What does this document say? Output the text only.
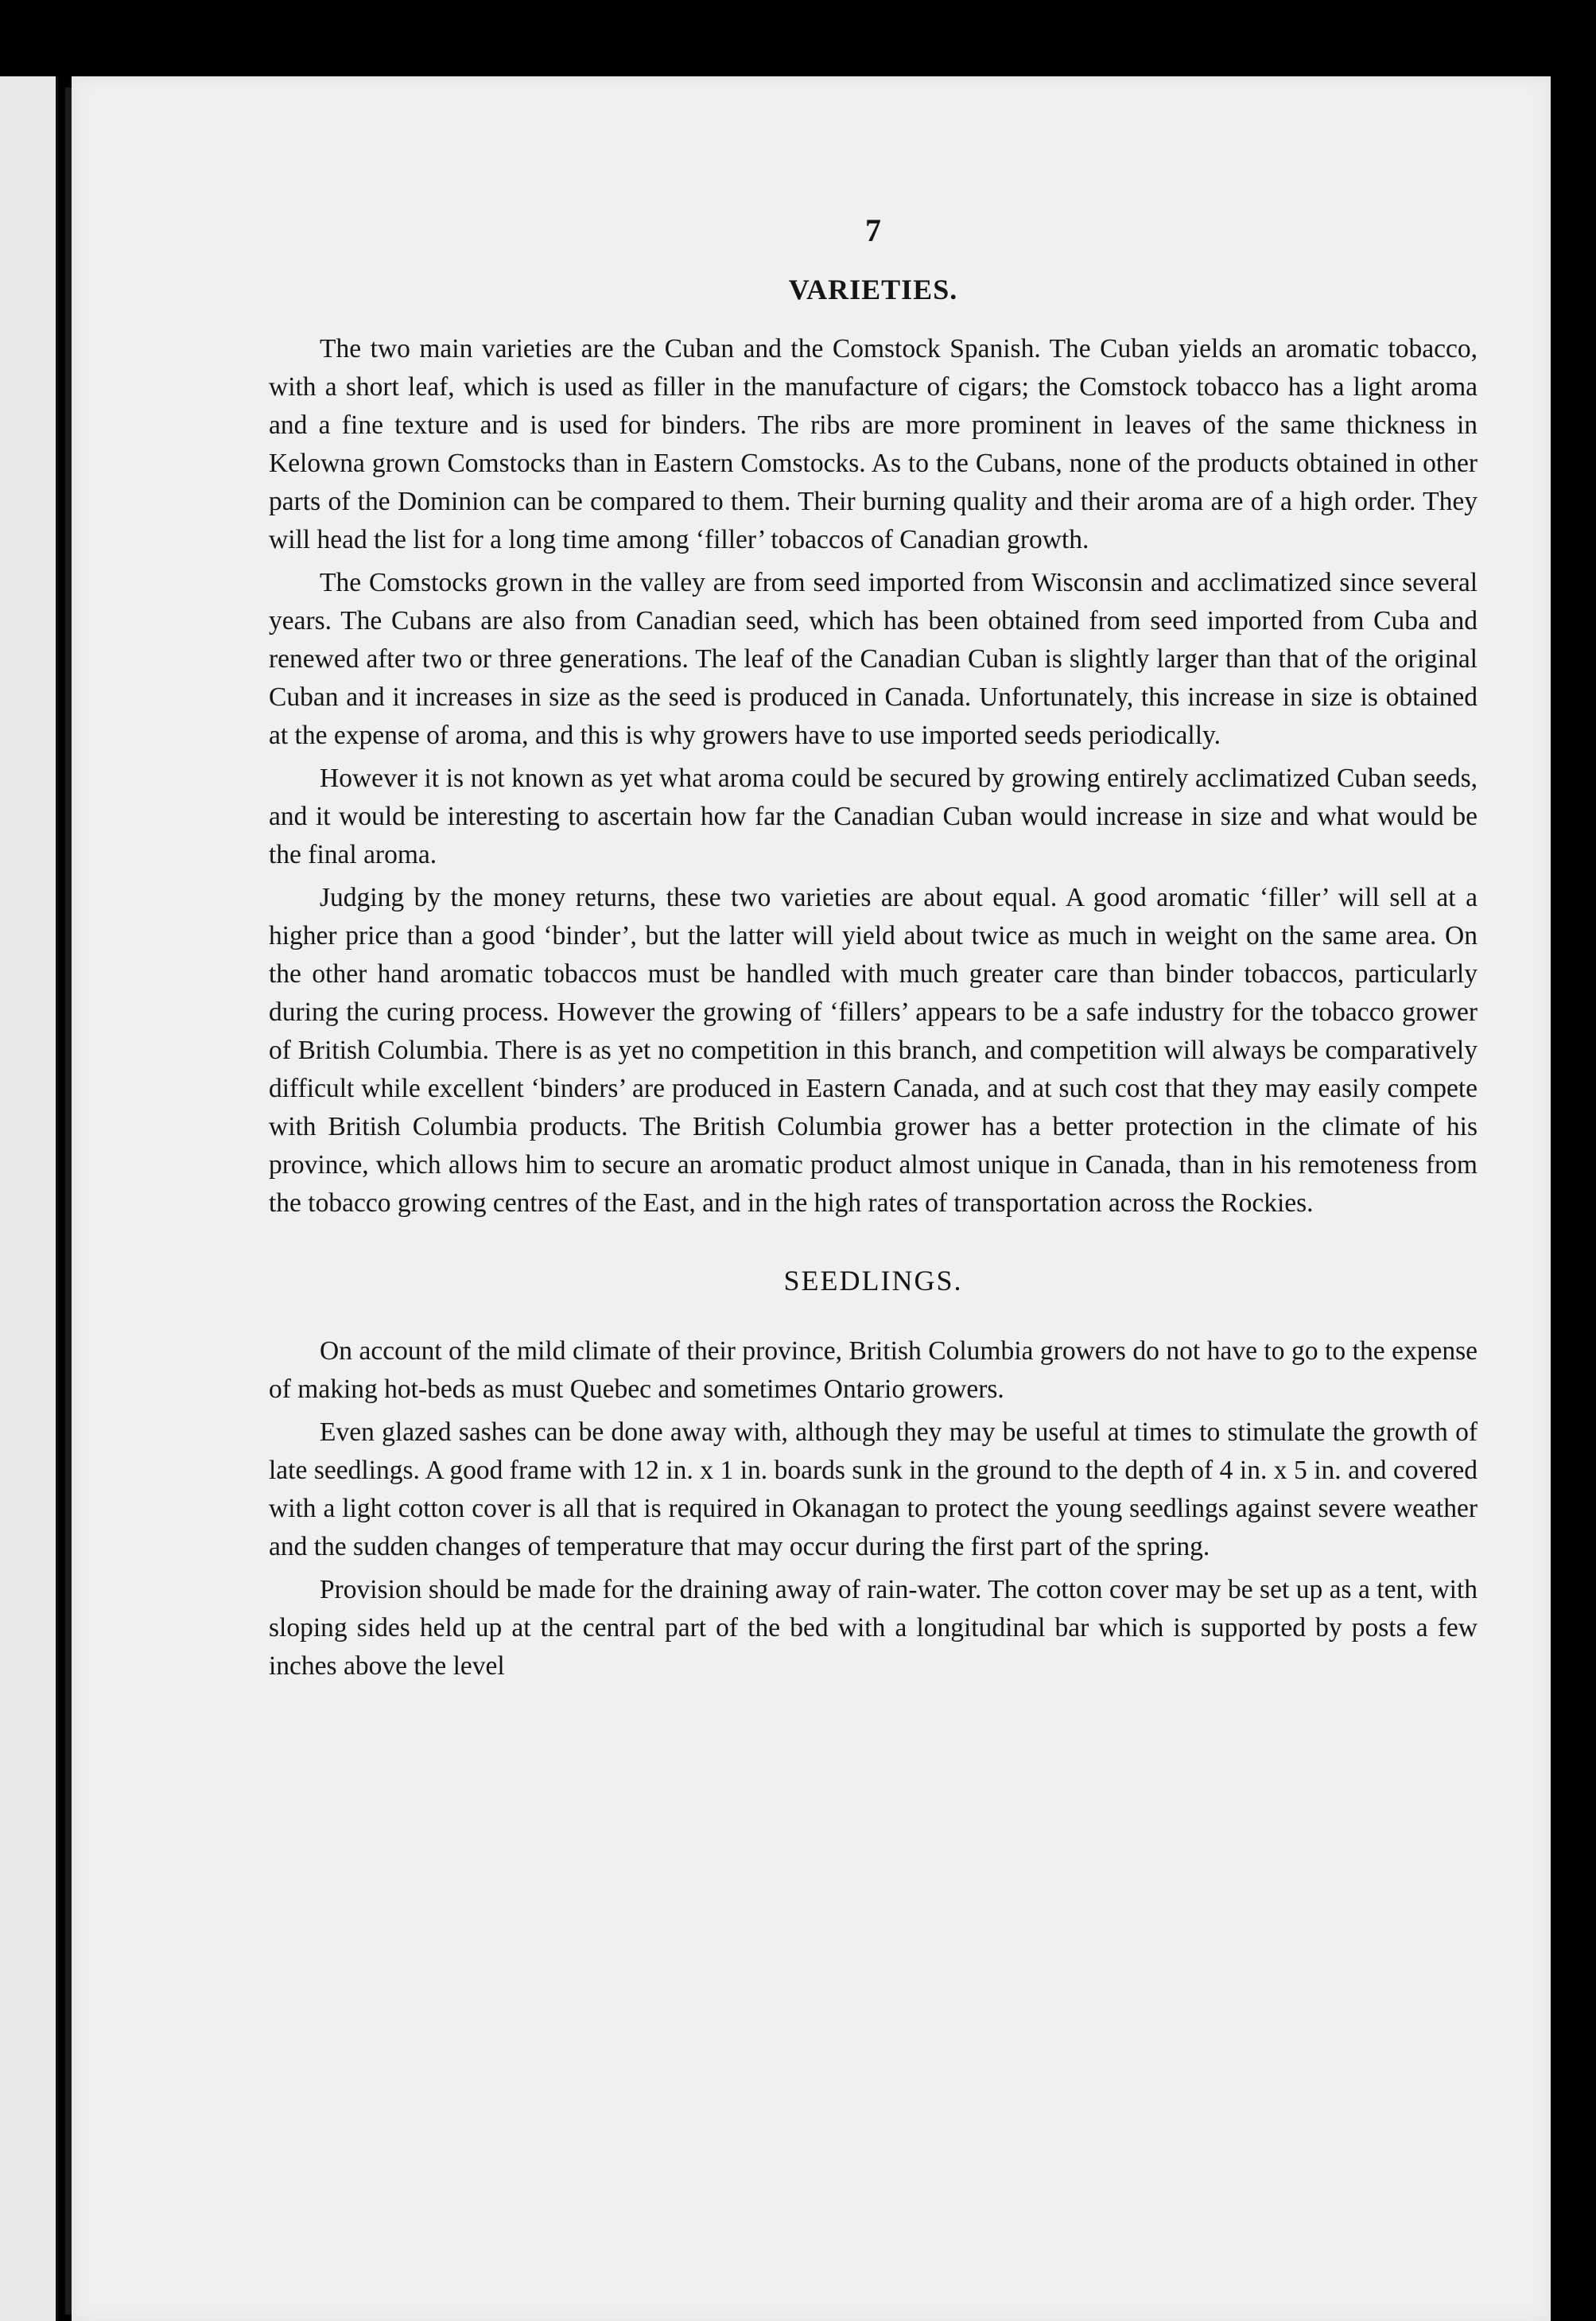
7
VARIETIES.

The two main varieties are the Cuban and the Comstock Spanish. The Cuban yields an aromatic tobacco, with a short leaf, which is used as filler in the manufacture of cigars; the Comstock tobacco has a light aroma and a fine texture and is used for binders. The ribs are more prominent in leaves of the same thickness in Kelowna grown Comstocks than in Eastern Comstocks. As to the Cubans, none of the products obtained in other parts of the Dominion can be compared to them. Their burning quality and their aroma are of a high order. They will head the list for a long time among ‘filler’ tobaccos of Canadian growth.

The Comstocks grown in the valley are from seed imported from Wisconsin and acclimatized since several years. The Cubans are also from Canadian seed, which has been obtained from seed imported from Cuba and renewed after two or three generations. The leaf of the Canadian Cuban is slightly larger than that of the original Cuban and it increases in size as the seed is produced in Canada. Unfortunately, this increase in size is obtained at the expense of aroma, and this is why growers have to use imported seeds periodically.

However it is not known as yet what aroma could be secured by growing entirely acclimatized Cuban seeds, and it would be interesting to ascertain how far the Canadian Cuban would increase in size and what would be the final aroma.

Judging by the money returns, these two varieties are about equal. A good aromatic ‘filler’ will sell at a higher price than a good ‘binder’, but the latter will yield about twice as much in weight on the same area. On the other hand aromatic tobaccos must be handled with much greater care than binder tobaccos, particularly during the curing process. However the growing of ‘fillers’ appears to be a safe industry for the tobacco grower of British Columbia. There is as yet no competition in this branch, and competition will always be comparatively difficult while excellent ‘binders’ are produced in Eastern Canada, and at such cost that they may easily compete with British Columbia products. The British Columbia grower has a better protection in the climate of his province, which allows him to secure an aromatic product almost unique in Canada, than in his remoteness from the tobacco growing centres of the East, and in the high rates of transportation across the Rockies.

SEEDLINGS.

On account of the mild climate of their province, British Columbia growers do not have to go to the expense of making hot-beds as must Quebec and sometimes Ontario growers.

Even glazed sashes can be done away with, although they may be useful at times to stimulate the growth of late seedlings. A good frame with 12 in. x 1 in. boards sunk in the ground to the depth of 4 in. x 5 in. and covered with a light cotton cover is all that is required in Okanagan to protect the young seedlings against severe weather and the sudden changes of temperature that may occur during the first part of the spring.

Provision should be made for the draining away of rain-water. The cotton cover may be set up as a tent, with sloping sides held up at the central part of the bed with a longitudinal bar which is supported by posts a few inches above the level
